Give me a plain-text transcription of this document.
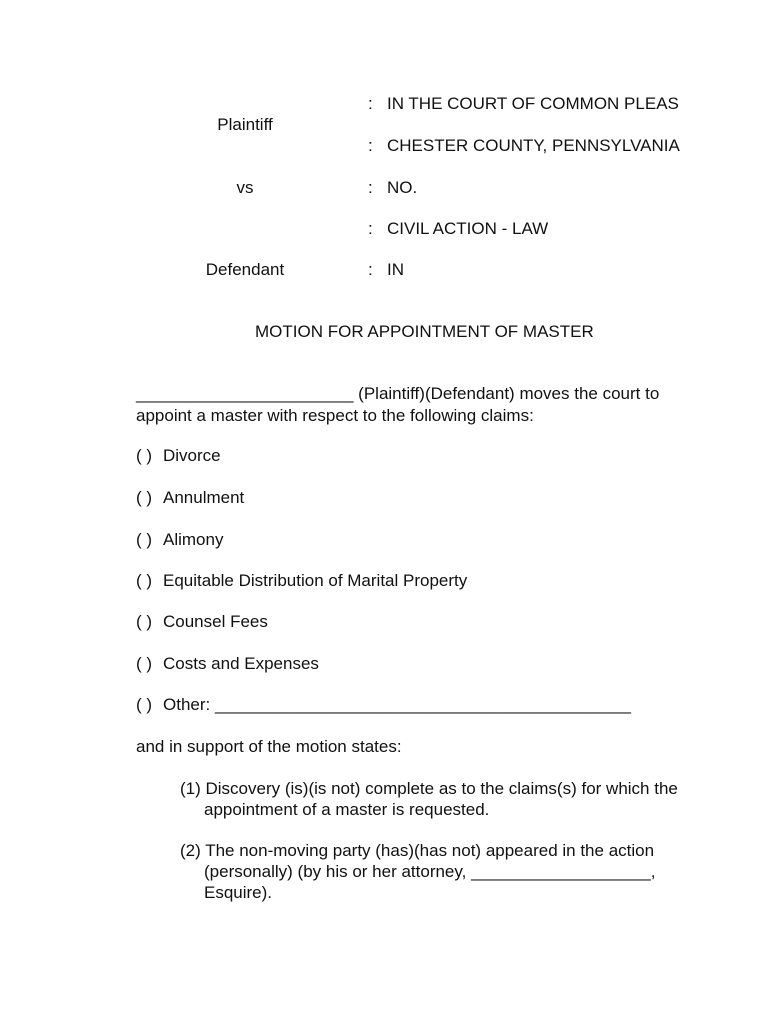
Plaintiff
vs
Defendant
: IN THE COURT OF COMMON PLEAS
: CHESTER COUNTY, PENNSYLVANIA
: NO.
: CIVIL ACTION - LAW
: IN
MOTION FOR APPOINTMENT OF MASTER
_______________________ (Plaintiff)(Defendant) moves the court to
appoint a master with respect to the following claims:
( ) Divorce
( ) Annulment
( ) Alimony
( ) Equitable Distribution of Marital Property
( ) Counsel Fees
( ) Costs and Expenses
( ) Other: ____________________________________________
and in support of the motion states:
(1) Discovery (is)(is not) complete as to the claims(s) for which the
appointment of a master is requested.
(2) The non-moving party (has)(has not) appeared in the action
(personally) (by his or her attorney, ___________________,
Esquire).
